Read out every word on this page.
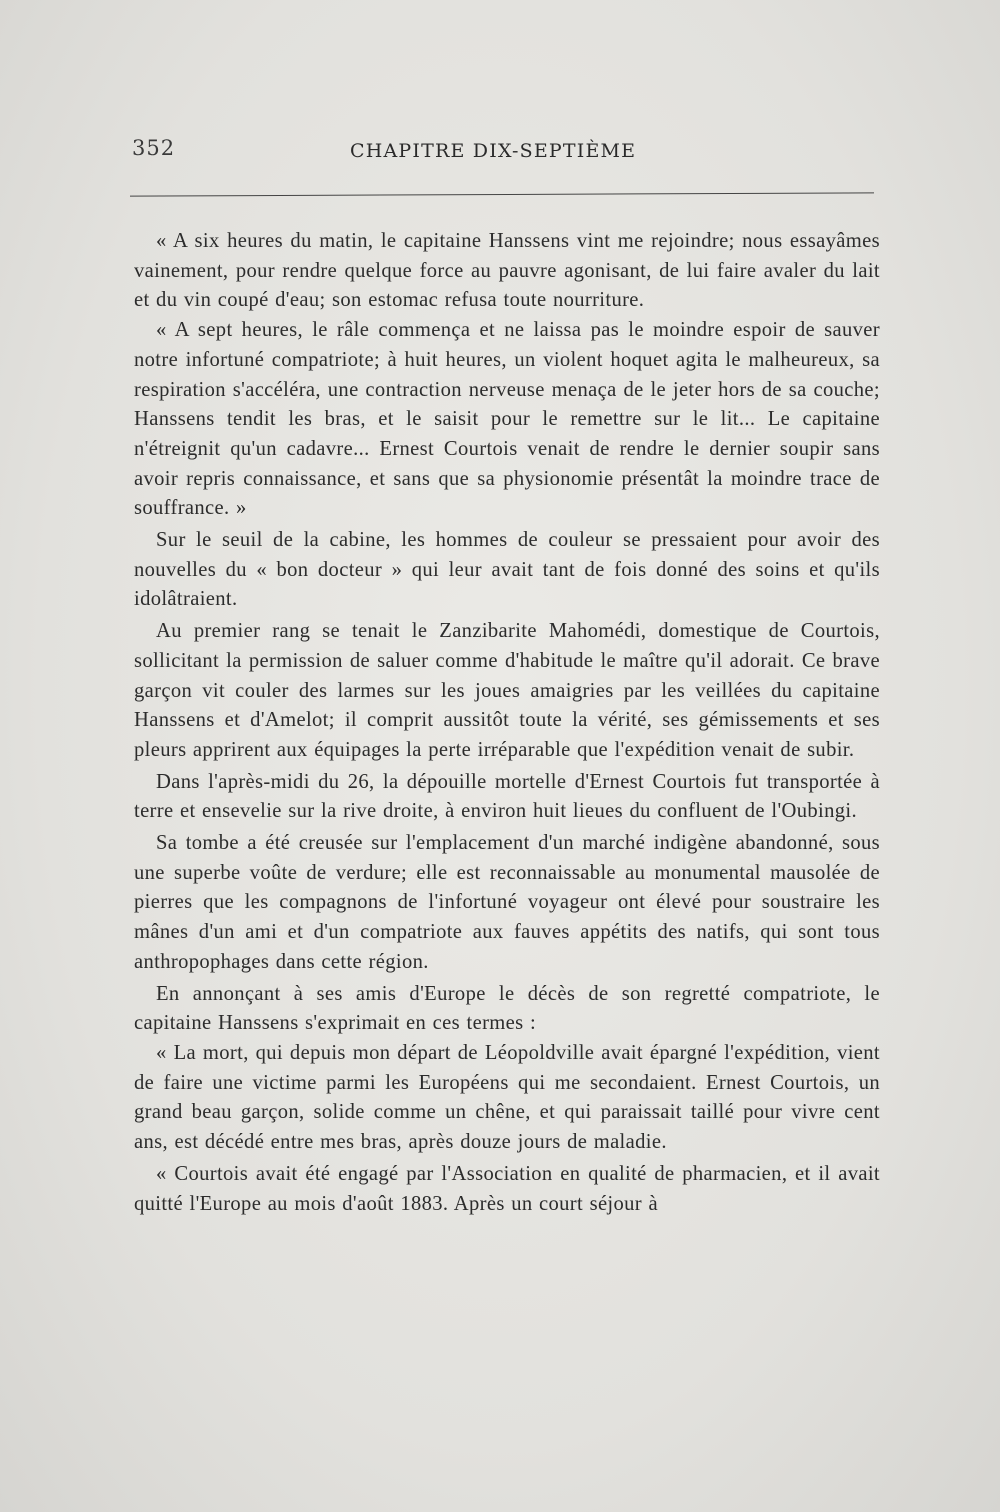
352	CHAPITRE DIX-SEPTIÈME

« A six heures du matin, le capitaine Hanssens vint me rejoindre; nous essayâmes vainement, pour rendre quelque force au pauvre agonisant, de lui faire avaler du lait et du vin coupé d'eau; son estomac refusa toute nourriture.

« A sept heures, le râle commença et ne laissa pas le moindre espoir de sauver notre infortuné compatriote; à huit heures, un violent hoquet agita le malheureux, sa respiration s'accéléra, une contraction nerveuse menaça de le jeter hors de sa couche; Hanssens tendit les bras, et le saisit pour le remettre sur le lit... Le capitaine n'étreignit qu'un cadavre... Ernest Courtois venait de rendre le dernier soupir sans avoir repris connaissance, et sans que sa physionomie présentât la moindre trace de souffrance. »

Sur le seuil de la cabine, les hommes de couleur se pressaient pour avoir des nouvelles du « bon docteur » qui leur avait tant de fois donné des soins et qu'ils idolâtraient.

Au premier rang se tenait le Zanzibarite Mahomédi, domestique de Courtois, sollicitant la permission de saluer comme d'habitude le maître qu'il adorait. Ce brave garçon vit couler des larmes sur les joues amaigries par les veillées du capitaine Hanssens et d'Amelot; il comprit aussitôt toute la vérité, ses gémissements et ses pleurs apprirent aux équipages la perte irréparable que l'expédition venait de subir.

Dans l'après-midi du 26, la dépouille mortelle d'Ernest Courtois fut transportée à terre et ensevelie sur la rive droite, à environ huit lieues du confluent de l'Oubingi.

Sa tombe a été creusée sur l'emplacement d'un marché indigène abandonné, sous une superbe voûte de verdure; elle est reconnaissable au monumental mausolée de pierres que les compagnons de l'infortuné voyageur ont élevé pour soustraire les mânes d'un ami et d'un compatriote aux fauves appétits des natifs, qui sont tous anthropophages dans cette région.

En annonçant à ses amis d'Europe le décès de son regretté compatriote, le capitaine Hanssens s'exprimait en ces termes :

« La mort, qui depuis mon départ de Léopoldville avait épargné l'expédition, vient de faire une victime parmi les Européens qui me secondaient. Ernest Courtois, un grand beau garçon, solide comme un chêne, et qui paraissait taillé pour vivre cent ans, est décédé entre mes bras, après douze jours de maladie.

« Courtois avait été engagé par l'Association en qualité de pharmacien, et il avait quitté l'Europe au mois d'août 1883. Après un court séjour à
